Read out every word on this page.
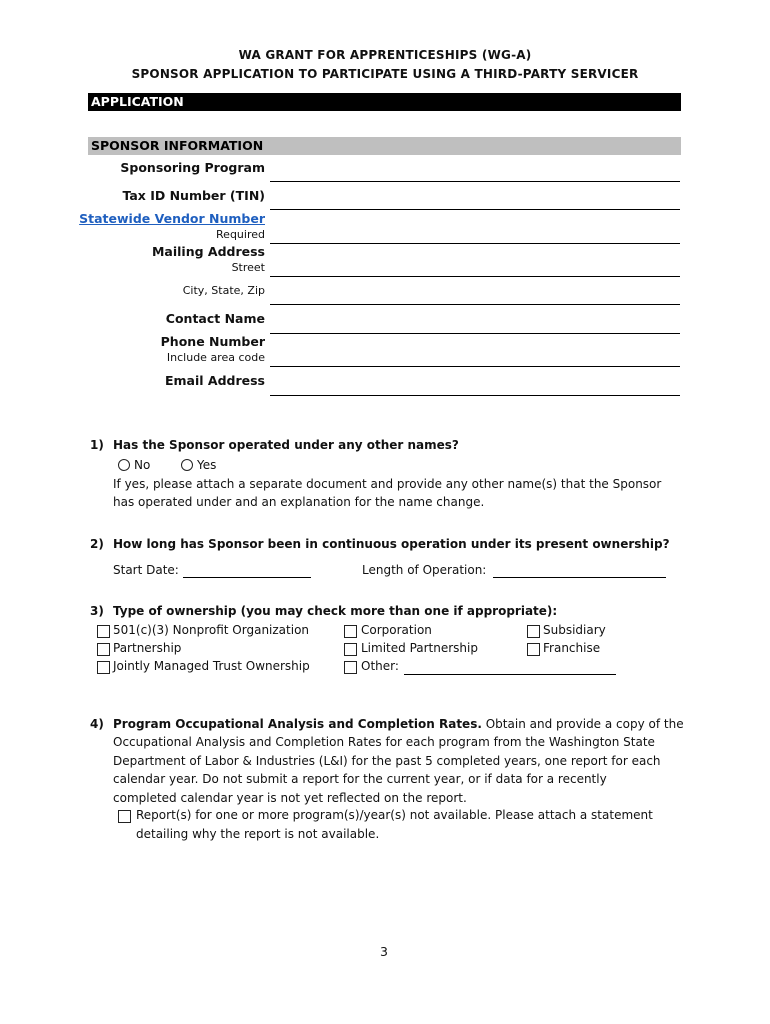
WA GRANT FOR APPRENTICESHIPS (WG-A)
SPONSOR APPLICATION TO PARTICIPATE USING A THIRD-PARTY SERVICER
APPLICATION
SPONSOR INFORMATION
Sponsoring Program
Tax ID Number (TIN)
Statewide Vendor Number
Required
Mailing Address
Street
City, State, Zip
Contact Name
Phone Number
Include area code
Email Address
1) Has the Sponsor operated under any other names?
No	Yes
If yes, please attach a separate document and provide any other name(s) that the Sponsor
has operated under and an explanation for the name change.
2) How long has Sponsor been in continuous operation under its present ownership?
Start Date:	Length of Operation:
3) Type of ownership (you may check more than one if appropriate):
501(c)(3) Nonprofit Organization
Partnership
Jointly Managed Trust Ownership
Corporation
Limited Partnership
Other:
Subsidiary
Franchise
4) Program Occupational Analysis and Completion Rates. Obtain and provide a copy of the
Occupational Analysis and Completion Rates for each program from the Washington State
Department of Labor & Industries (L&I) for the past 5 completed years, one report for each
calendar year. Do not submit a report for the current year, or if data for a recently
completed calendar year is not yet reflected on the report.
Report(s) for one or more program(s)/year(s) not available. Please attach a statement
detailing why the report is not available.
3
